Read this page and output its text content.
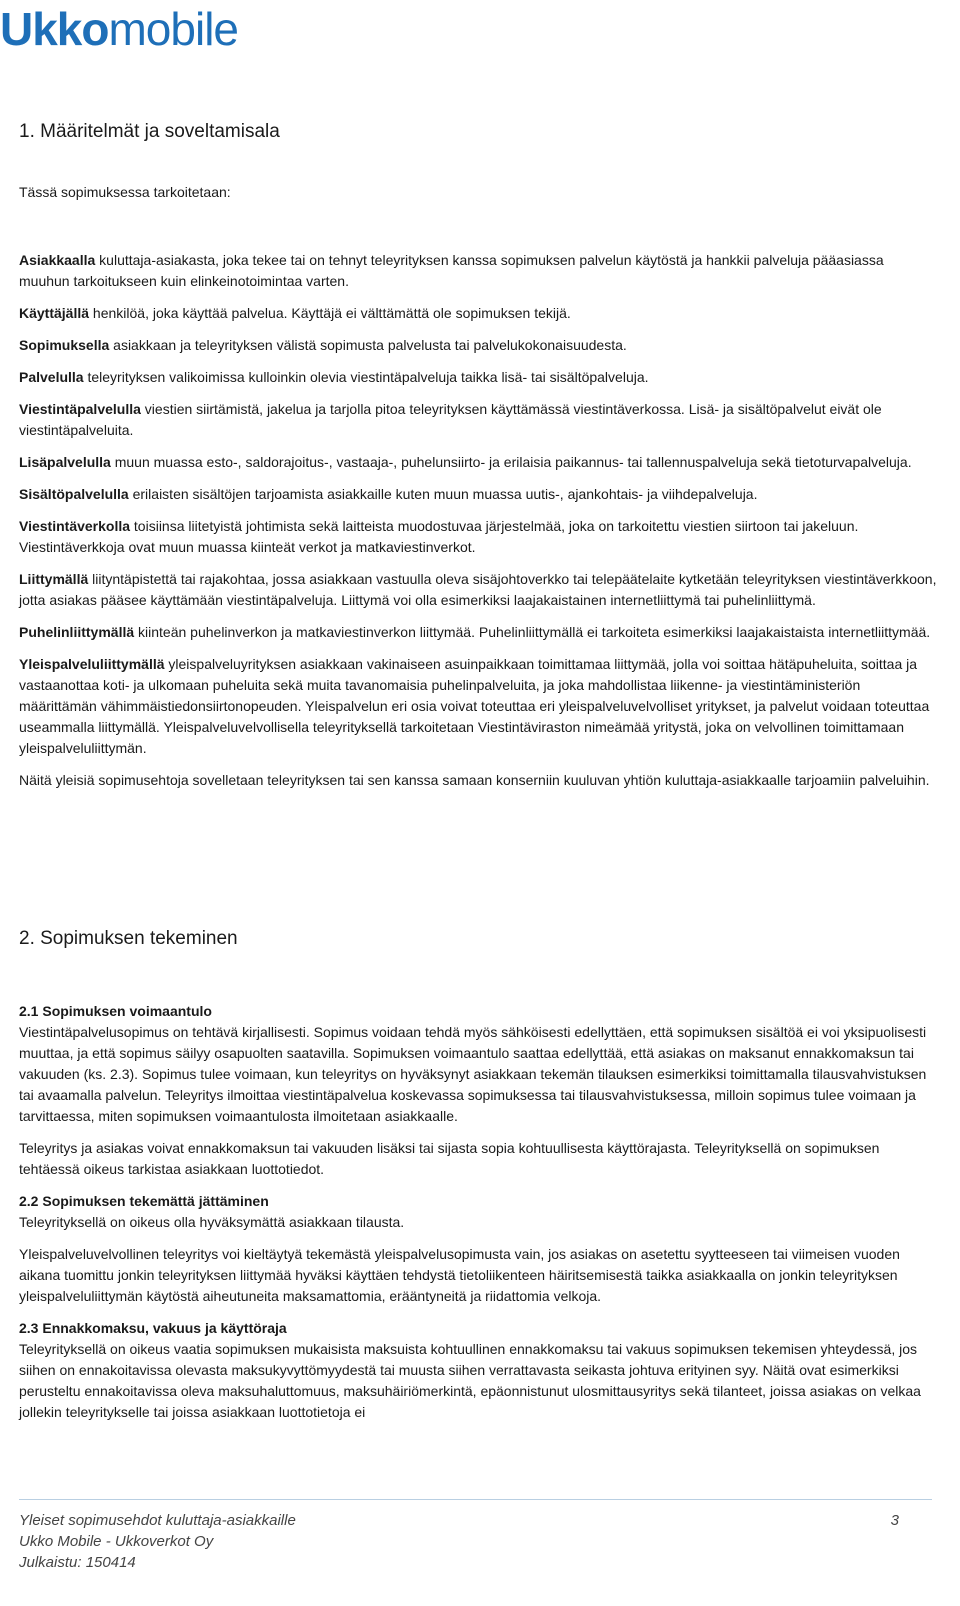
Ukko mobile
1. Määritelmät ja soveltamisala
Tässä sopimuksessa tarkoitetaan:

Asiakkaalla kuluttaja-asiakasta, joka tekee tai on tehnyt teleyrityksen kanssa sopimuksen palvelun käytöstä ja hankkii palveluja pääasiassa muuhun tarkoitukseen kuin elinkeinotoimintaa varten.

Käyttäjällä henkilöä, joka käyttää palvelua. Käyttäjä ei välttämättä ole sopimuksen tekijä.

Sopimuksella asiakkaan ja teleyrityksen välistä sopimusta palvelusta tai palvelukokonaisuudesta.

Palvelulla teleyrityksen valikoimissa kulloinkin olevia viestintäpalveluja taikka lisä- tai sisältöpalveluja.

Viestintäpalvelulla viestien siirtämistä, jakelua ja tarjolla pitoa teleyrityksen käyttämässä viestintäverkossa. Lisä- ja sisältöpalvelut eivät ole viestintäpalveluita.

Lisäpalvelulla muun muassa esto-, saldorajoitus-, vastaaja-, puhelunsiirto- ja erilaisia paikannus- tai tallennuspalveluja sekä tietoturvapalveluja.

Sisältöpalvelulla erilaisten sisältöjen tarjoamista asiakkaille kuten muun muassa uutis-, ajankohtais- ja viihdepalveluja.

Viestintäverkolla toisiinsa liitetyistä johtimista sekä laitteista muodostuvaa järjestelmää, joka on tarkoitettu viestien siirtoon tai jakeluun. Viestintäverkkoja ovat muun muassa kiinteät verkot ja matkaviestinverkot.

Liittymällä liityntäpistettä tai rajakohtaa, jossa asiakkaan vastuulla oleva sisäjohtoverkko tai telepäätelaite kytketään teleyrityksen viestintäverkkoon, jotta asiakas pääsee käyttämään viestintäpalveluja. Liittymä voi olla esimerkiksi laajakaistainen internetliittymä tai puhelinliittymä.

Puhelinliittymällä kiinteän puhelinverkon ja matkaviestinverkon liittymää. Puhelinliittymällä ei tarkoiteta esimerkiksi laajakaistaista internetliittymää.

Yleispalveluliittymällä yleispalveluyrityksen asiakkaan vakinaiseen asuinpaikkaan toimittamaa liittymää, jolla voi soittaa hätäpuheluita, soittaa ja vastaanottaa koti- ja ulkomaan puheluita sekä muita tavanomaisia puhelinpalveluita, ja joka mahdollistaa liikenne- ja viestintäministeriön määrittämän vähimmäistiedonsiirtonopeuden. Yleispalvelun eri osia voivat toteuttaa eri yleispalveluvelvolliset yritykset, ja palvelut voidaan toteuttaa useammalla liittymällä. Yleispalveluvelvollisella teleyrityksellä tarkoitetaan Viestintäviraston nimeämää yritystä, joka on velvollinen toimittamaan yleispalveluliittymän.

Näitä yleisiä sopimusehtoja sovelletaan teleyrityksen tai sen kanssa samaan konserniin kuuluvan yhtiön kuluttaja-asiakkaalle tarjoamiin palveluihin.

2. Sopimuksen tekeminen

2.1 Sopimuksen voimaantulo
Viestintäpalvelusopimus on tehtävä kirjallisesti. Sopimus voidaan tehdä myös sähköisesti edellyttäen, että sopimuksen sisältöä ei voi yksipuolisesti muuttaa, ja että sopimus säilyy osapuolten saatavilla. Sopimuksen voimaantulo saattaa edellyttää, että asiakas on maksanut ennakkomaksun tai vakuuden (ks. 2.3). Sopimus tulee voimaan, kun teleyritys on hyväksynyt asiakkaan tekemän tilauksen esimerkiksi toimittamalla tilausvahvistuksen tai avaamalla palvelun. Teleyritys ilmoittaa viestintäpalvelua koskevassa sopimuksessa tai tilausvahvistuksessa, milloin sopimus tulee voimaan ja tarvittaessa, miten sopimuksen voimaantulosta ilmoitetaan asiakkaalle.

Teleyritys ja asiakas voivat ennakkomaksun tai vakuuden lisäksi tai sijasta sopia kohtuullisesta käyttörajasta. Teleyrityksellä on sopimuksen tehtäessä oikeus tarkistaa asiakkaan luottotiedot.

2.2 Sopimuksen tekemättä jättäminen
Teleyrityksellä on oikeus olla hyväksymättä asiakkaan tilausta.

Yleispalveluvelvollinen teleyritys voi kieltäytyä tekemästä yleispalvelusopimusta vain, jos asiakas on asetettu syytteeseen tai viimeisen vuoden aikana tuomittu jonkin teleyrityksen liittymää hyväksi käyttäen tehdystä tietoliikenteen häiritsemisestä taikka asiakkaalla on jonkin teleyrityksen yleispalveluliittymän käytöstä aiheutuneita maksamattomia, erääntyneitä ja riidattomia velkoja.

2.3 Ennakkomaksu, vakuus ja käyttöraja
Teleyrityksellä on oikeus vaatia sopimuksen mukaisista maksuista kohtuullinen ennakkomaksu tai vakuus sopimuksen tekemisen yhteydessä, jos siihen on ennakoitavissa olevasta maksukyvyttömyydestä tai muusta siihen verrattavasta seikasta johtuva erityinen syy. Näitä ovat esimerkiksi perusteltu ennakoitavissa oleva maksuhaluttomuus, maksuhäiriömerkintä, epäonnistunut ulosmittausyritys sekä tilanteet, joissa asiakas on velkaa jollekin teleyritykselle tai joissa asiakkaan luottotietoja ei

Yleiset sopimusehdot kuluttaja-asiakkaille
Ukko Mobile - Ukkoverkot Oy
Julkaistu: 150414
3
